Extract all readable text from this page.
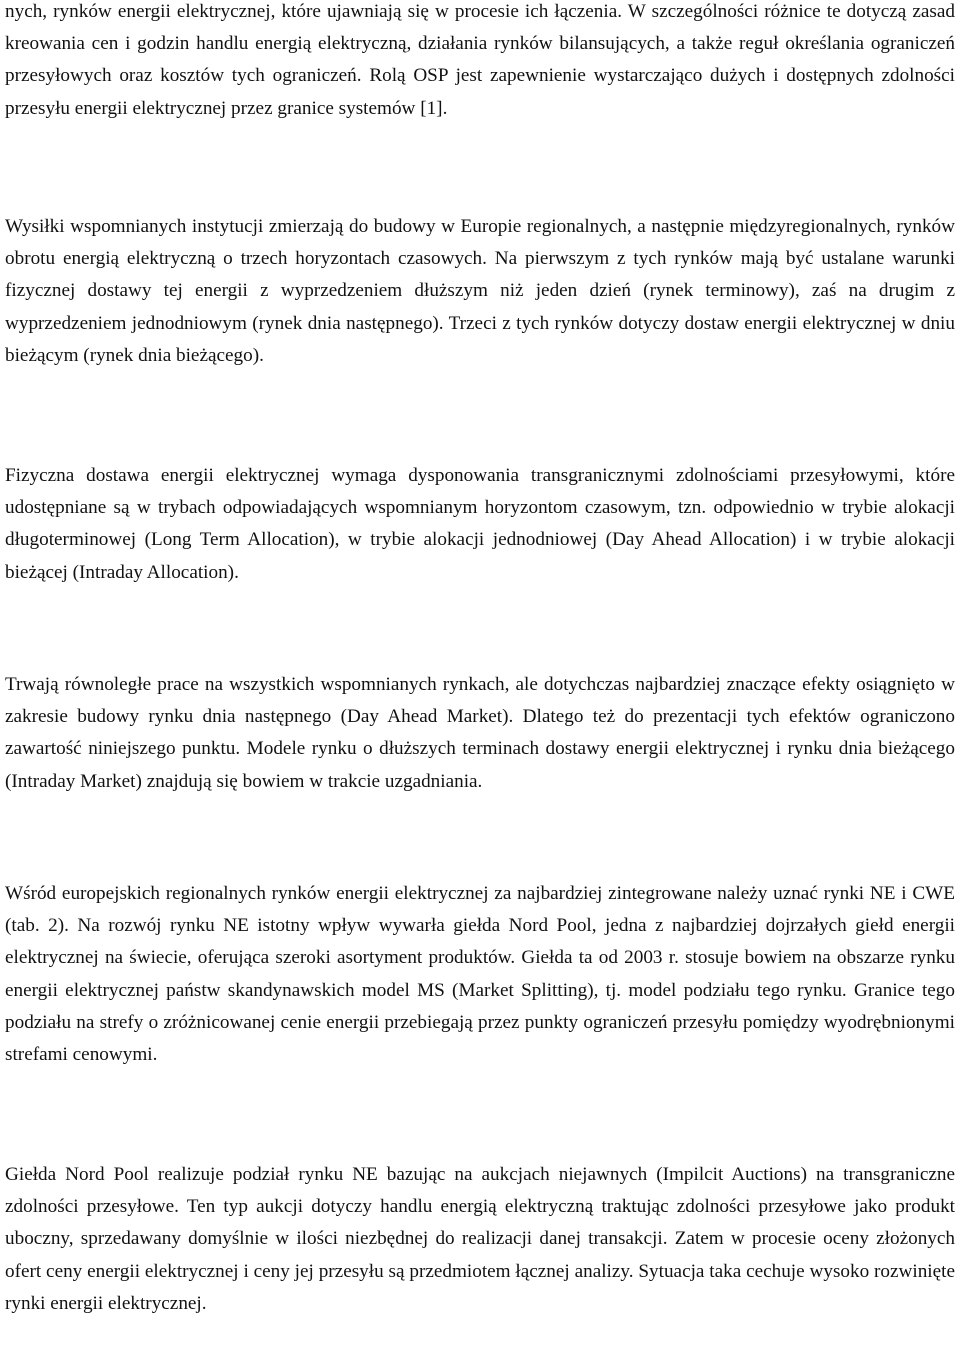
nych, rynków energii elektrycznej, które ujawniają się w procesie ich łączenia. W szczególności różnice te dotyczą zasad kreowania cen i godzin handlu energią elektryczną, działania rynków bilansujących, a także reguł określania ograniczeń przesyłowych oraz kosztów tych ograniczeń. Rolą OSP jest zapewnienie wystarczająco dużych i dostępnych zdolności przesyłu energii elektrycznej przez granice systemów [1].

Wysiłki wspomnianych instytucji zmierzają do budowy w Europie regionalnych, a następnie międzyregionalnych, rynków obrotu energią elektryczną o trzech horyzontach czasowych. Na pierwszym z tych rynków mają być ustalane warunki fizycznej dostawy tej energii z wyprzedzeniem dłuższym niż jeden dzień (rynek terminowy), zaś na drugim z wyprzedzeniem jednodniowym (rynek dnia następnego). Trzeci z tych rynków dotyczy dostaw energii elektrycznej w dniu bieżącym (rynek dnia bieżącego).

Fizyczna dostawa energii elektrycznej wymaga dysponowania transgranicznymi zdolnościami przesyłowymi, które udostępniane są w trybach odpowiadających wspomnianym horyzontom czasowym, tzn. odpowiednio w trybie alokacji długoterminowej (Long Term Allocation), w trybie alokacji jednodniowej (Day Ahead Allocation) i w trybie alokacji bieżącej (Intraday Allocation).

Trwają równoległe prace na wszystkich wspomnianych rynkach, ale dotychczas najbardziej znaczące efekty osiągnięto w zakresie budowy rynku dnia następnego (Day Ahead Market). Dlatego też do prezentacji tych efektów ograniczono zawartość niniejszego punktu. Modele rynku o dłuższych terminach dostawy energii elektrycznej i rynku dnia bieżącego (Intraday Market) znajdują się bowiem w trakcie uzgadniania.

Wśród europejskich regionalnych rynków energii elektrycznej za najbardziej zintegrowane należy uznać rynki NE i CWE (tab. 2). Na rozwój rynku NE istotny wpływ wywarła giełda Nord Pool, jedna z najbardziej dojrzałych giełd energii elektrycznej na świecie, oferująca szeroki asortyment produktów. Giełda ta od 2003 r. stosuje bowiem na obszarze rynku energii elektrycznej państw skandynawskich model MS (Market Splitting), tj. model podziału tego rynku. Granice tego podziału na strefy o zróżnicowanej cenie energii przebiegają przez punkty ograniczeń przesyłu pomiędzy wyodrębnionymi strefami cenowymi.

Giełda Nord Pool realizuje podział rynku NE bazując na aukcjach niejawnych (Impilcit Auctions) na transgraniczne zdolności przesyłowe. Ten typ aukcji dotyczy handlu energią elektryczną traktując zdolności przesyłowe jako produkt uboczny, sprzedawany domyślnie w ilości niezbędnej do realizacji danej transakcji. Zatem w procesie oceny złożonych ofert ceny energii elektrycznej i ceny jej przesyłu są przedmiotem łącznej analizy. Sytuacja taka cechuje wysoko rozwinięte rynki energii elektrycznej.
